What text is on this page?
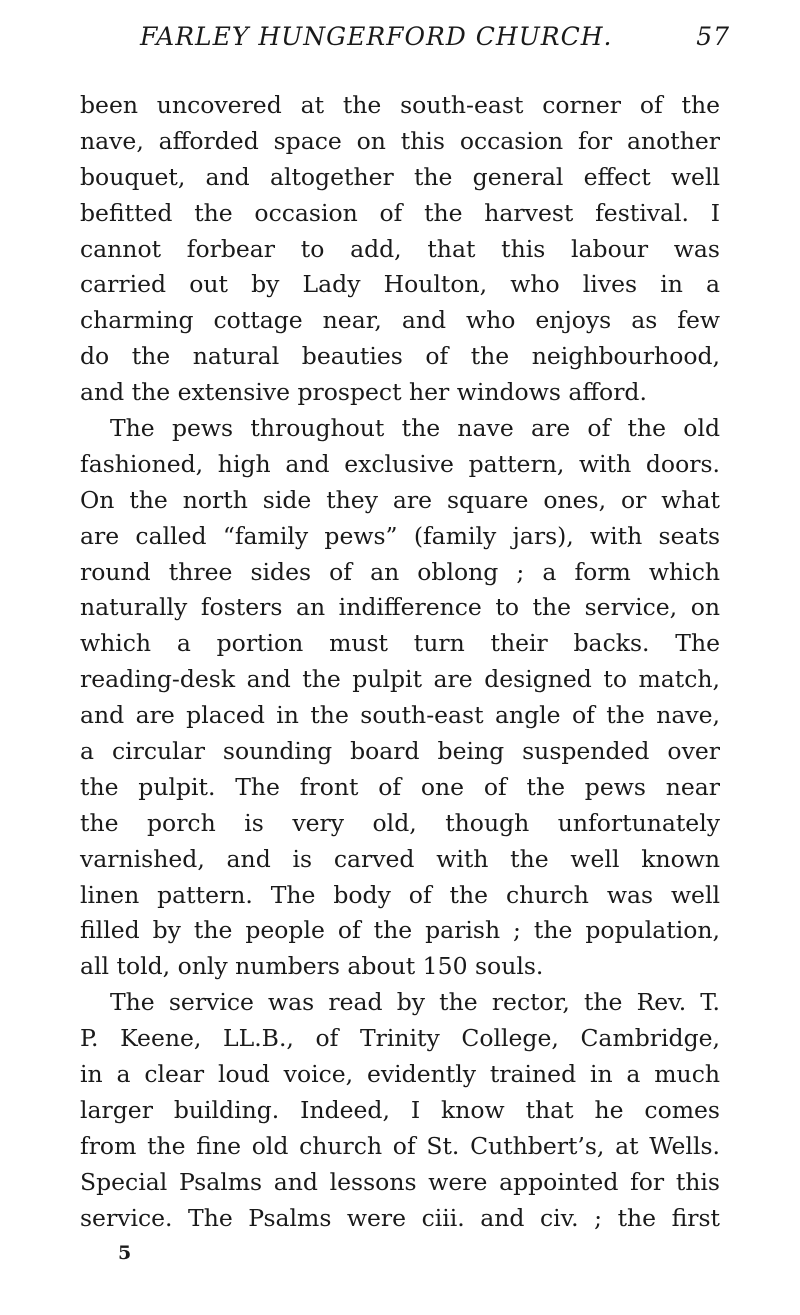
FARLEY HUNGERFORD CHURCH.	57
been uncovered at the south-east corner of the
nave, afforded space on this occasion for another
bouquet, and altogether the general effect well
befitted the occasion of the harvest festival. I
cannot forbear to add, that this labour was
carried out by Lady Houlton, who lives in a
charming cottage near, and who enjoys as few
do the natural beauties of the neighbourhood,
and the extensive prospect her windows afford.
The pews throughout the nave are of the old
fashioned, high and exclusive pattern, with doors.
On the north side they are square ones, or what
are called “family pews” (family jars), with seats
round three sides of an oblong ; a form which
naturally fosters an indifference to the service, on
which a portion must turn their backs. The
reading-desk and the pulpit are designed to match,
and are placed in the south-east angle of the nave,
a circular sounding board being suspended over
the pulpit. The front of one of the pews near
the porch is very old, though unfortunately
varnished, and is carved with the well known
linen pattern. The body of the church was well
filled by the people of the parish ; the population,
all told, only numbers about 150 souls.
The service was read by the rector, the Rev. T.
P. Keene, LL.B., of Trinity College, Cambridge,
in a clear loud voice, evidently trained in a much
larger building. Indeed, I know that he comes
from the fine old church of St. Cuthbert’s, at Wells.
Special Psalms and lessons were appointed for this
service. The Psalms were ciii. and civ. ; the first
5
